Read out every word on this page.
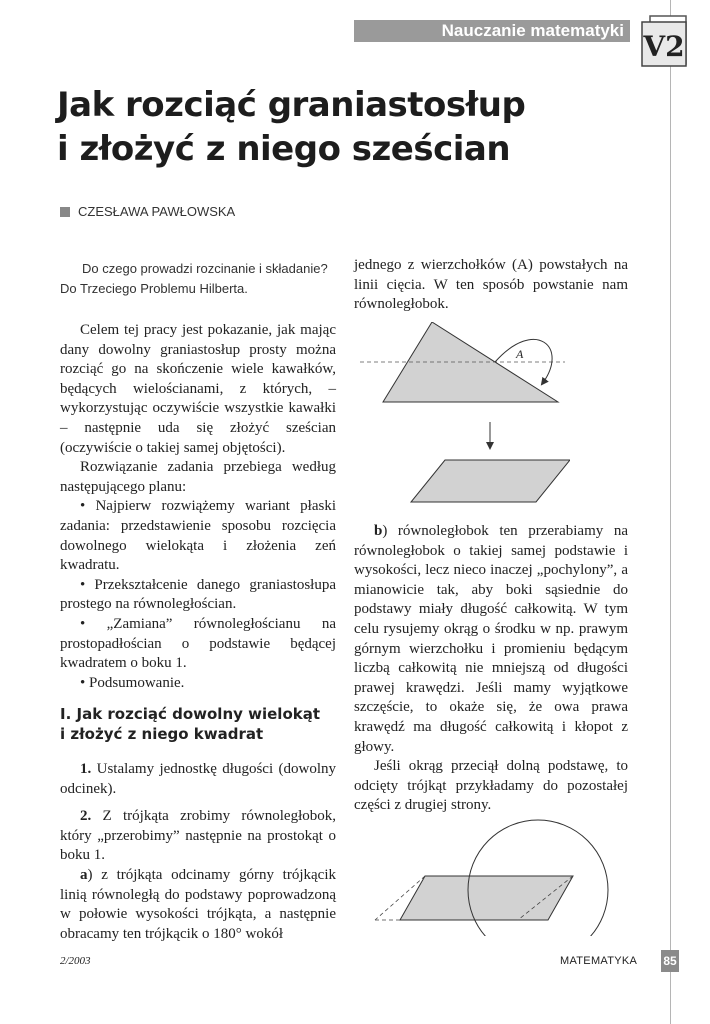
Nauczanie matematyki V2
Jak rozciąć graniastosłup
i złożyć z niego sześcian
CZESŁAWA PAWŁOWSKA

Do czego prowadzi rozcinanie i składanie?

Do Trzeciego Problemu Hilberta.

Celem tej pracy jest pokazanie, jak mając dany dowolny graniastosłup prosty można rozciąć go na skończenie wiele kawałków, będących wielościanami, z których, – wykorzystując oczywiście wszystkie kawałki – następnie uda się złożyć sześcian (oczywiście o takiej samej objętości).

Rozwiązanie zadania przebiega według następującego planu:

• Najpierw rozwiążemy wariant płaski zadania: przedstawienie sposobu rozcięcia dowolnego wielokąta i złożenia zeń kwadratu.

• Przekształcenie danego graniastosłupa prostego na równoległościan.

• „Zamiana” równoległościanu na prostopadłościan o podstawie będącej kwadratem o boku 1.

• Podsumowanie.

I. Jak rozciąć dowolny wielokąt
i złożyć z niego kwadrat

1. Ustalamy jednostkę długości (dowolny odcinek).

2. Z trójkąta zrobimy równoległobok, który „przerobimy” następnie na prostokąt o boku 1.

a) z trójkąta odcinamy górny trójkącik linią równoległą do podstawy poprowadzoną w połowie wysokości trójkąta, a następnie obracamy ten trójkącik o 180° wokół

jednego z wierzchołków (A) powstałych na linii cięcia. W ten sposób powstanie nam równoległobok.

A

b) równoległobok ten przerabiamy na równoległobok o takiej samej podstawie i wysokości, lecz nieco inaczej „pochylony”, a mianowicie tak, aby boki sąsiednie do podstawy miały długość całkowitą. W tym celu rysujemy okrąg o środku w np. prawym górnym wierzchołku i promieniu będącym liczbą całkowitą nie mniejszą od długości prawej krawędzi. Jeśli mamy wyjątkowe szczęście, to okaże się, że owa prawa krawędź ma długość całkowitą i kłopot z głowy.

Jeśli okrąg przeciął dolną podstawę, to odcięty trójkąt przykładamy do pozostałej części z drugiej strony.

2/2003	MATEMATYKA 85
